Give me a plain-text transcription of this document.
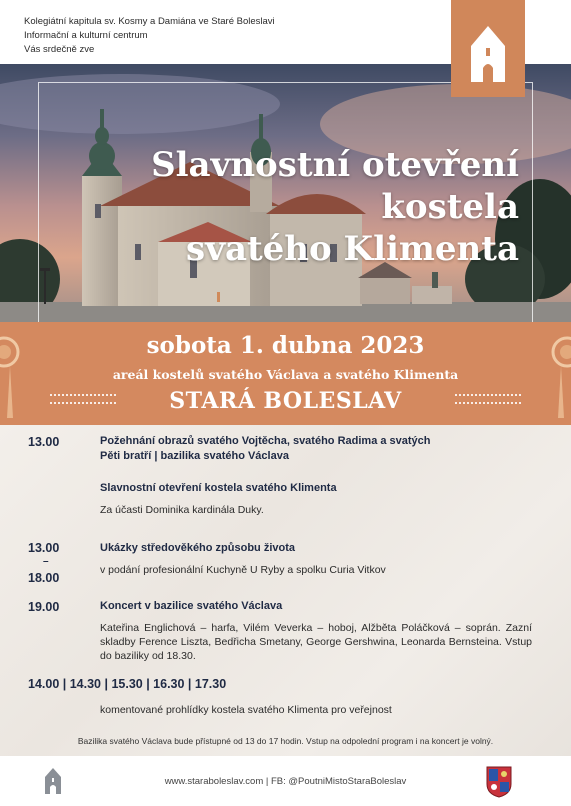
Kolegiátní kapitula sv. Kosmy a Damiána ve Staré Boleslavi
Informační a kulturní centrum
Vás srdečně zve
Slavnostní otevření
kostela
svatého Klimenta
sobota 1. dubna 2023
areál kostelů svatého Václava a svatého Klimenta
STARÁ BOLESLAV
13.00	Požehnání obrazů svatého Vojtěcha, svatého Radima a svatých
Pěti bratří | bazilika svatého Václava
Slavnostní otevření kostela svatého Klimenta
Za účasti Dominika kardinála Duky.
13.00
–
18.00
Ukázky středověkého způsobu života
v podání profesionální Kuchyně U Ryby a spolku Curia Vitkov
19.00	Koncert v bazilice svatého Václava
Kateřina Englichová – harfa, Vilém Veverka – hoboj, Alžběta Poláčková – soprán. Zazní skladby Ference Liszta, Bedřicha Smetany, George Gershwina, Leonarda Bernsteina. Vstup do baziliky od 18.30.
14.00 | 14.30 | 15.30 | 16.30 | 17.30
komentované prohlídky kostela svatého Klimenta pro veřejnost
Bazilika svatého Václava bude přístupné od 13 do 17 hodin. Vstup na odpolední program i na koncert je volný.
www.staraboleslav.com | FB: @PoutniMistoStaraBoleslav
